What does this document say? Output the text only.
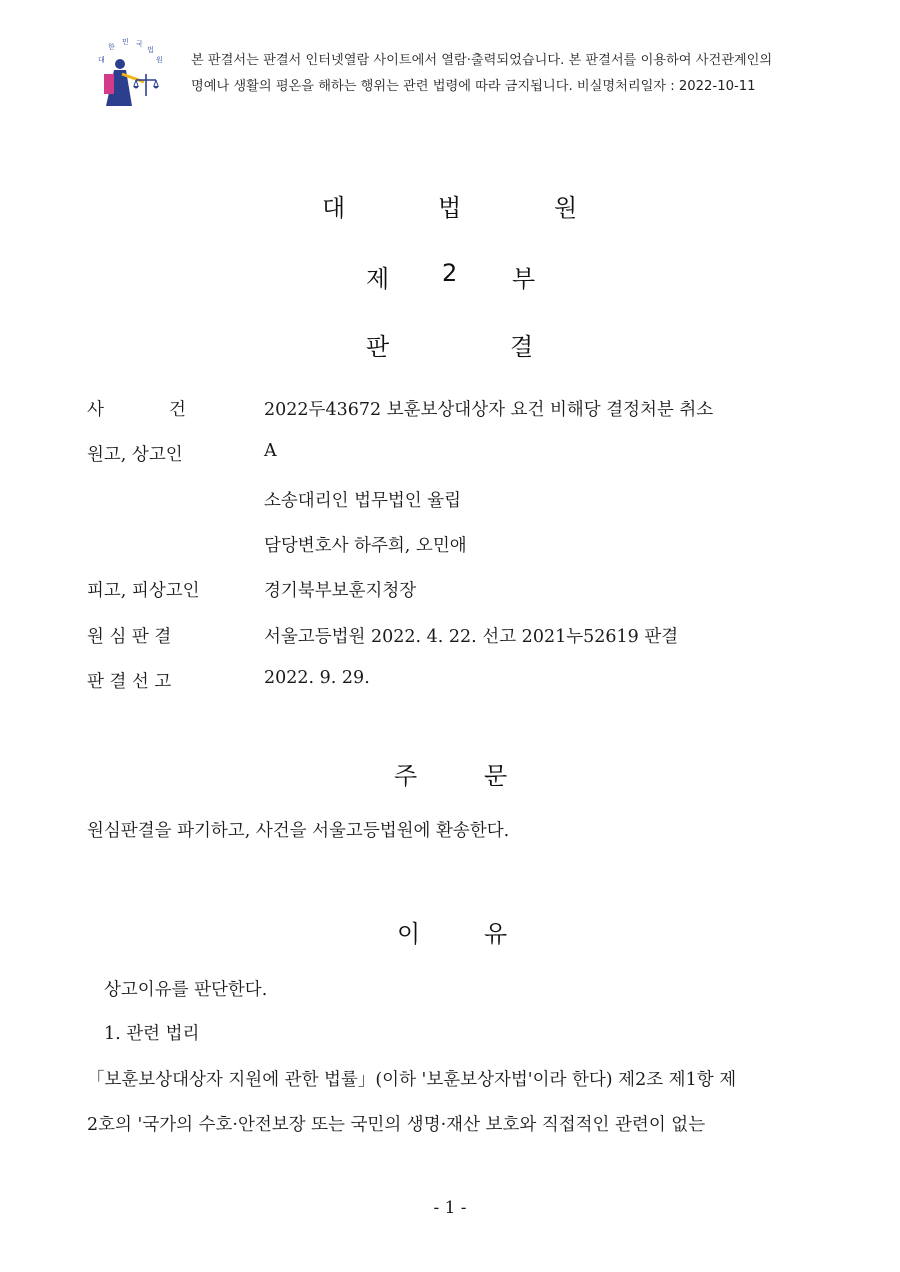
대
한
민 국
법
원 본 판결서는 판결서 인터넷열람 사이트에서 열람·출력되었습니다. 본 판결서를 이용하여 사건관계인의
명예나 생활의 평온을 해하는 행위는 관련 법령에 따라 금지됩니다. 비실명처리일자 : 2022-10-11
대	법	원
제 2 부
판	결
사	건	2022두43672 보훈보상대상자 요건 비해당 결정처분 취소
원고, 상고인	A
소송대리인 법무법인 율립
담당변호사 하주희, 오민애
피고, 피상고인	경기북부보훈지청장
원 심 판 결	서울고등법원 2022. 4. 22. 선고 2021누52619 판결
판 결 선 고	2022. 9. 29.
주	문
원심판결을 파기하고, 사건을 서울고등법원에 환송한다.
이	유
상고이유를 판단한다.
1. 관련 법리
「보훈보상대상자 지원에 관한 법률」(이하 '보훈보상자법'이라 한다) 제2조 제1항 제
2호의 '국가의 수호·안전보장 또는 국민의 생명·재산 보호와 직접적인 관련이 없는
- 1 -
